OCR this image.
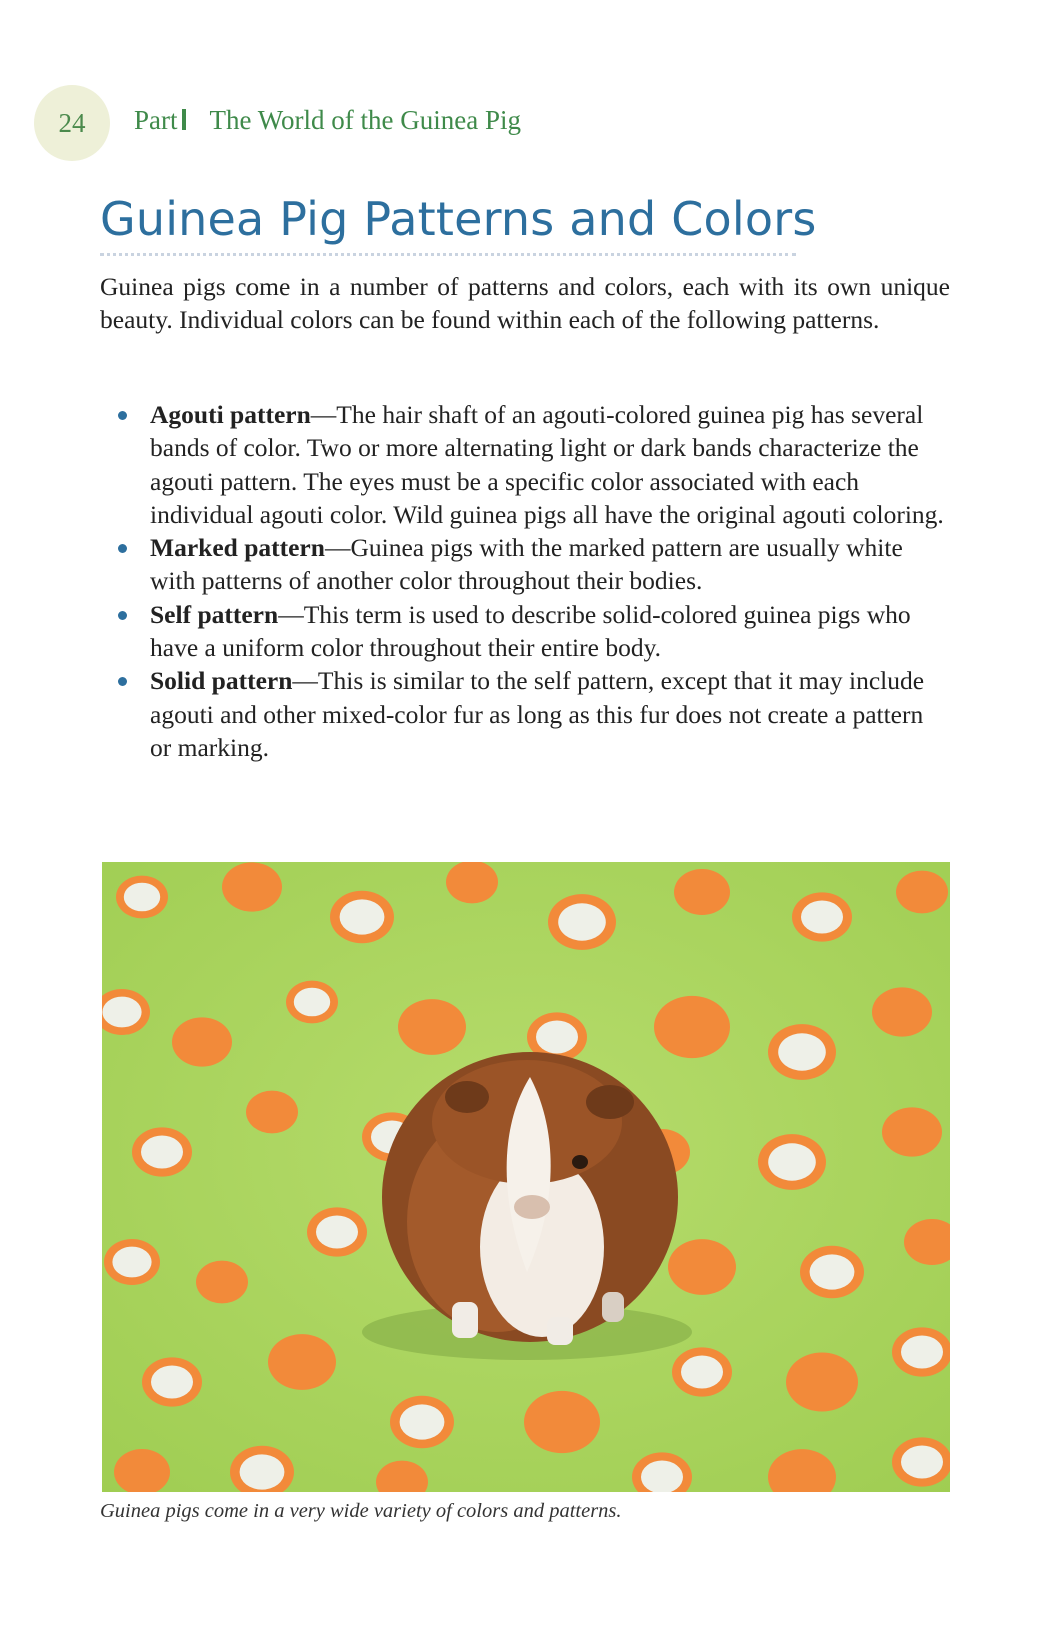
24	Part The World of the Guinea Pig
Guinea Pig Patterns and Colors

Guinea pigs come in a number of patterns and colors, each with its own unique beauty. Individual colors can be found within each of the following patterns.

Agouti pattern—The hair shaft of an agouti-colored guinea pig has several bands of color. Two or more alternating light or dark bands characterize the agouti pattern. The eyes must be a specific color associated with each individual agouti color. Wild guinea pigs all have the original agouti coloring.
Marked pattern—Guinea pigs with the marked pattern are usually white with patterns of another color throughout their bodies.
Self pattern—This term is used to describe solid-colored guinea pigs who have a uniform color throughout their entire body.
Solid pattern—This is similar to the self pattern, except that it may include agouti and other mixed-color fur as long as this fur does not create a pattern or marking.

Guinea pigs come in a very wide variety of colors and patterns.
